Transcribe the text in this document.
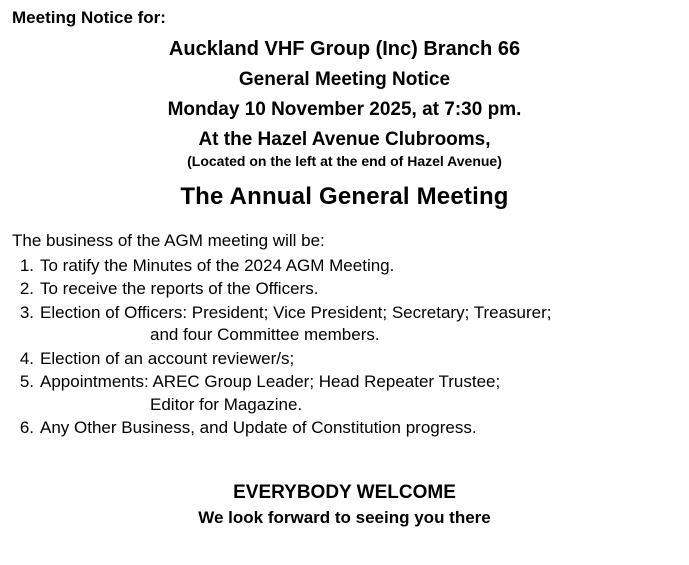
Meeting Notice for:
Auckland VHF Group (Inc) Branch 66
General Meeting Notice
Monday 10 November 2025, at 7:30 pm.
At the Hazel Avenue Clubrooms,
(Located on the left at the end of Hazel Avenue)
The Annual General Meeting
The business of the AGM meeting will be:
1. To ratify the Minutes of the 2024 AGM Meeting.
2. To receive the reports of the Officers.
3. Election of Officers: President; Vice President; Secretary; Treasurer;
and four Committee members.
4. Election of an account reviewer/s;
5. Appointments: AREC Group Leader; Head Repeater Trustee;
Editor for Magazine.
6. Any Other Business, and Update of Constitution progress.
EVERYBODY WELCOME
We look forward to seeing you there
